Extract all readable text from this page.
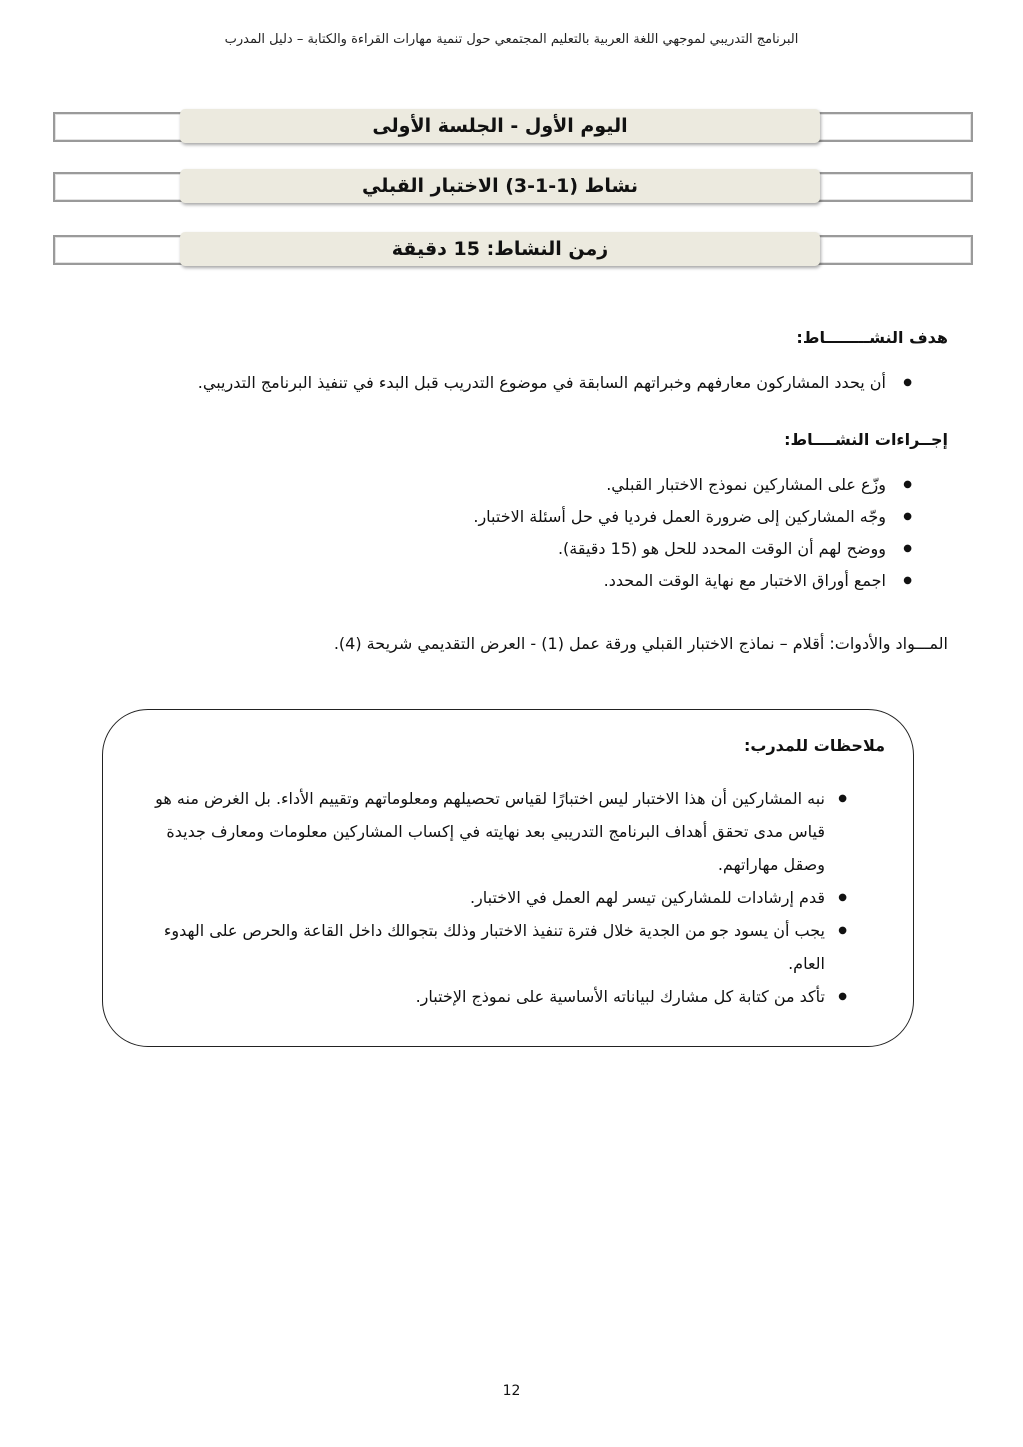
البرنامج التدريبي لموجهي اللغة العربية بالتعليم المجتمعي حول تنمية مهارات القراءة والكتابة – دليل المدرب
اليوم الأول - الجلسة الأولى
نشاط (1-1-3) الاختبار القبلي
زمن النشاط: 15 دقيقة
هدف النشــــــــاط:
● أن يحدد المشاركون معارفهم وخبراتهم السابقة في موضوع التدريب قبل البدء في تنفيذ البرنامج التدريبي.
إجــراءات النشــــاط:
● وزّع على المشاركين نموذج الاختبار القبلي.
● وجّه المشاركين إلى ضرورة العمل فرديا في حل أسئلة الاختبار.
● ووضح لهم أن الوقت المحدد للحل هو (15 دقيقة).
● اجمع أوراق الاختبار مع نهاية الوقت المحدد.
المـــواد والأدوات: أقلام – نماذج الاختبار القبلي ورقة عمل (1) - العرض التقديمي شريحة (4).
ملاحظات للمدرب:
● نبه المشاركين أن هذا الاختبار ليس اختبارًا لقياس تحصيلهم ومعلوماتهم وتقييم الأداء. بل الغرض منه هو قياس مدى تحقق أهداف البرنامج التدريبي بعد نهايته في إكساب المشاركين معلومات ومعارف جديدة وصقل مهاراتهم.
● قدم إرشادات للمشاركين تيسر لهم العمل في الاختبار.
● يجب أن يسود جو من الجدية خلال فترة تنفيذ الاختبار وذلك بتجوالك داخل القاعة والحرص على الهدوء العام.
● تأكد من كتابة كل مشارك لبياناته الأساسية على نموذج الإختبار.
12
